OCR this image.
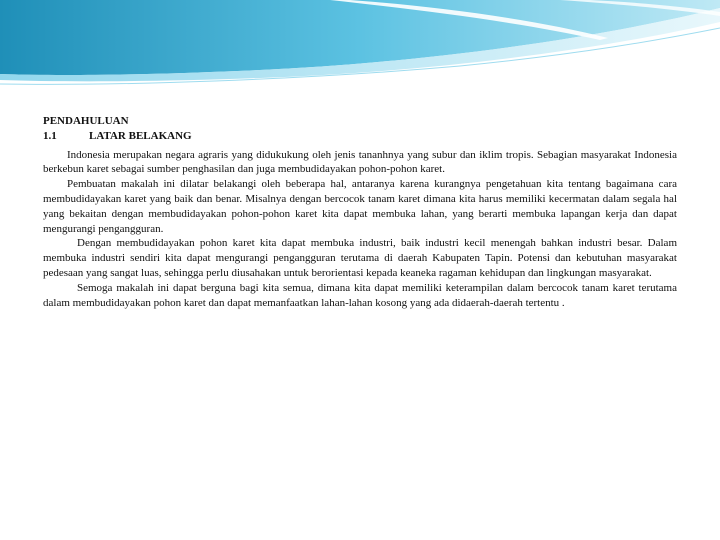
PENDAHULUAN

1.1	LATAR BELAKANG

Indonesia merupakan negara agraris yang didukukung oleh jenis tananhnya yang subur dan iklim tropis. Sebagian masyarakat Indonesia berkebun karet sebagai sumber penghasilan dan juga membudidayakan pohon-pohon karet.

Pembuatan makalah ini dilatar belakangi oleh beberapa hal, antaranya karena kurangnya pengetahuan kita tentang bagaimana cara membudidayakan karet yang baik dan benar. Misalnya dengan bercocok tanam karet dimana kita harus memiliki kecermatan dalam segala hal yang bekaitan dengan membudidayakan pohon-pohon karet kita dapat membuka lahan, yang berarti membuka lapangan kerja dan dapat mengurangi pengangguran.

Dengan membudidayakan pohon karet kita dapat membuka industri, baik industri kecil menengah bahkan industri besar. Dalam membuka industri sendiri kita dapat mengurangi pengangguran terutama di daerah Kabupaten Tapin. Potensi dan kebutuhan masyarakat pedesaan yang sangat luas, sehingga perlu diusahakan untuk berorientasi kepada keaneka ragaman kehidupan dan lingkungan masyarakat.

Semoga makalah ini dapat berguna bagi kita semua, dimana kita dapat memiliki keterampilan dalam bercocok tanam karet terutama dalam membudidayakan pohon karet dan dapat memanfaatkan lahan-lahan kosong yang ada didaerah-daerah tertentu .
